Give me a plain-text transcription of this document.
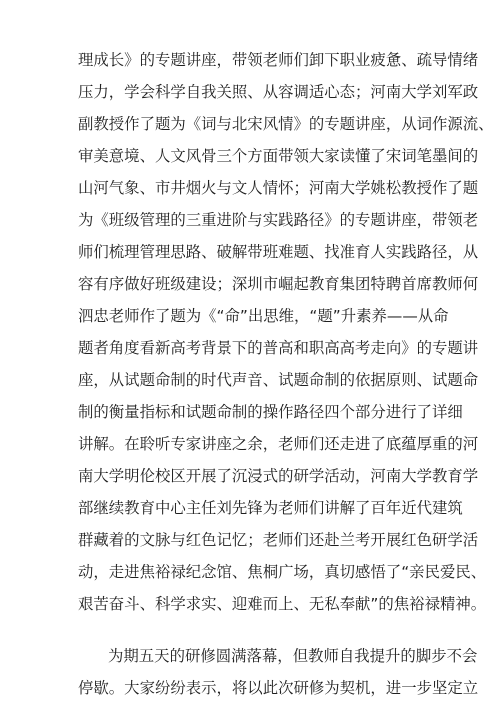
理成长》的专题讲座，带领老师们卸下职业疲惫、疏导情绪
压力，学会科学自我关照、从容调适心态；河南大学刘军政
副教授作了题为《词与北宋风情》的专题讲座，从词作源流、
审美意境、人文风骨三个方面带领大家读懂了宋词笔墨间的
山河气象、市井烟火与文人情怀；河南大学姚松教授作了题
为《班级管理的三重进阶与实践路径》的专题讲座，带领老
师们梳理管理思路、破解带班难题、找准育人实践路径，从
容有序做好班级建设；深圳市崛起教育集团特聘首席教师何
泗忠老师作了题为《“命”出思维，“题”升素养——从命
题者角度看新高考背景下的普高和职高高考走向》的专题讲
座，从试题命制的时代声音、试题命制的依据原则、试题命
制的衡量指标和试题命制的操作路径四个部分进行了详细
讲解。在聆听专家讲座之余，老师们还走进了底蕴厚重的河
南大学明伦校区开展了沉浸式的研学活动，河南大学教育学
部继续教育中心主任刘先锋为老师们讲解了百年近代建筑
群藏着的文脉与红色记忆；老师们还赴兰考开展红色研学活
动，走进焦裕禄纪念馆、焦桐广场，真切感悟了“亲民爱民、
艰苦奋斗、科学求实、迎难而上、无私奉献”的焦裕禄精神。
为期五天的研修圆满落幕，但教师自我提升的脚步不会
停歇。大家纷纷表示，将以此次研修为契机，进一步坚定立
